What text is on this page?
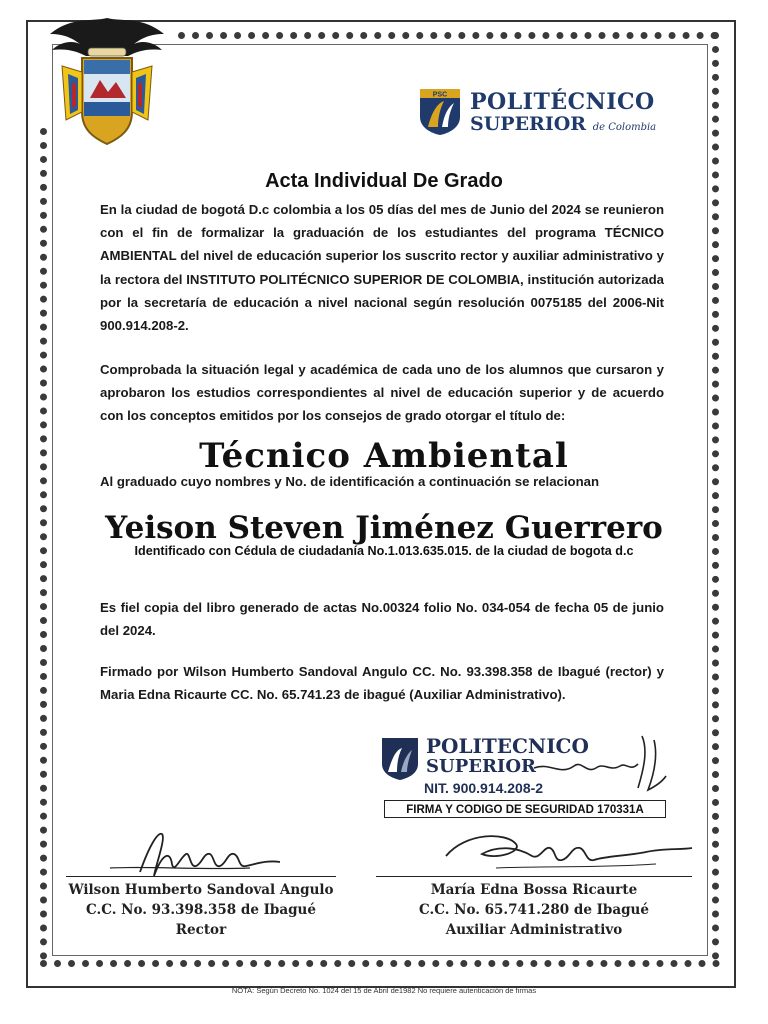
PSC POLITÉCNICO
SUPERIOR de Colombia
Acta Individual De Grado
En la ciudad de bogotá D.c colombia a los 05 días del mes de Junio del 2024 se reunieron con el fin de formalizar la graduación de los estudiantes del programa TÉCNICO AMBIENTAL del nivel de educación superior los suscrito rector y auxiliar administrativo y la rectora del INSTITUTO POLITÉCNICO SUPERIOR DE COLOMBIA, institución autorizada por la secretaría de educación a nivel nacional según resolución 0075185 del 2006-Nit 900.914.208-2.
Comprobada la situación legal y académica de cada uno de los alumnos que cursaron y aprobaron los estudios correspondientes al nivel de educación superior y de acuerdo con los conceptos emitidos por los consejos de grado otorgar el título de:
Técnico Ambiental
Al graduado cuyo nombres y No. de identificación a continuación se relacionan
Yeison Steven Jiménez Guerrero
Identificado con Cédula de ciudadanía No.1.013.635.015. de la ciudad de bogota d.c
Es fiel copia del libro generado de actas No.00324 folio No. 034-054 de fecha 05 de junio del 2024.
Firmado por Wilson Humberto Sandoval Angulo CC. No. 93.398.358 de Ibagué (rector) y Maria Edna Ricaurte CC. No. 65.741.23 de ibagué (Auxiliar Administrativo).
POLITECNICO
SUPERIOR
NIT. 900.914.208-2
FIRMA Y CODIGO DE SEGURIDAD 170331A
Wilson Humberto Sandoval Angulo
C.C. No. 93.398.358 de Ibagué
Rector
María Edna Bossa Ricaurte
C.C. No. 65.741.280 de Ibagué
Auxiliar Administrativo
NOTA: Según Decreto No. 1024 del 15 de Abril de1982 No requiere autenticación de firmas
